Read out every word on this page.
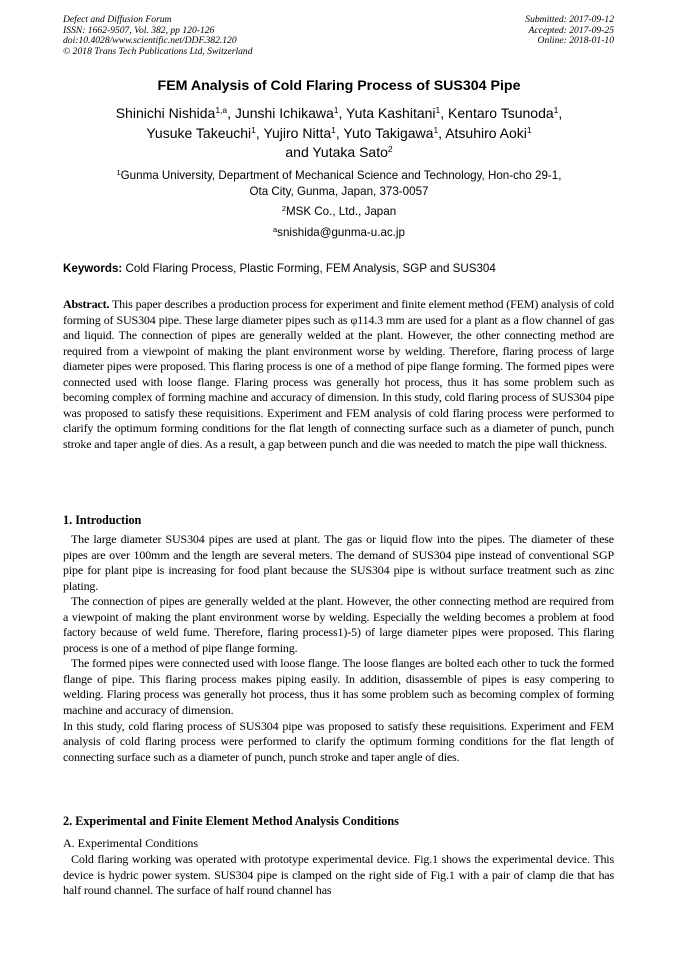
Defect and Diffusion Forum
ISSN: 1662-9507, Vol. 382, pp 120-126
doi:10.4028/www.scientific.net/DDF.382.120
© 2018 Trans Tech Publications Ltd, Switzerland
Submitted: 2017-09-12
Accepted: 2017-09-25
Online: 2018-01-10
FEM Analysis of Cold Flaring Process of SUS304 Pipe
Shinichi Nishida$^{1,a}$, Junshi Ichikawa$^1$, Yuta Kashitani$^1$, Kentaro Tsunoda$^1$,
Yusuke Takeuchi$^1$, Yujiro Nitta$^1$, Yuto Takigawa$^1$, Atsuhiro Aoki$^1$
and Yutaka Sato$^2$
$^1$Gunma University, Department of Mechanical Science and Technology, Hon-cho 29-1,
Ota City, Gunma, Japan, 373-0057
$^2$MSK Co., Ltd., Japan
$^a$snishida@gunma-u.ac.jp
Keywords: Cold Flaring Process, Plastic Forming, FEM Analysis, SGP and SUS304

Abstract. This paper describes a production process for experiment and finite element method (FEM) analysis of cold forming of SUS304 pipe. These large diameter pipes such as φ114.3 mm are used for a plant as a flow channel of gas and liquid. The connection of pipes are generally welded at the plant. However, the other connecting method are required from a viewpoint of making the plant environment worse by welding. Therefore, flaring process of large diameter pipes were proposed. This flaring process is one of a method of pipe flange forming. The formed pipes were connected used with loose flange. Flaring process was generally hot process, thus it has some problem such as becoming complex of forming machine and accuracy of dimension. In this study, cold flaring process of SUS304 pipe was proposed to satisfy these requisitions. Experiment and FEM analysis of cold flaring process were performed to clarify the optimum forming conditions for the flat length of connecting surface such as a diameter of punch, punch stroke and taper angle of dies. As a result, a gap between punch and die was needed to match the pipe wall thickness.

1. Introduction

The large diameter SUS304 pipes are used at plant. The gas or liquid flow into the pipes. The diameter of these pipes are over 100mm and the length are several meters. The demand of SUS304 pipe instead of conventional SGP pipe for plant pipe is increasing for food plant because the SUS304 pipe is without surface treatment such as zinc plating.

The connection of pipes are generally welded at the plant. However, the other connecting method are required from a viewpoint of making the plant environment worse by welding. Especially the welding becomes a problem at food factory because of weld fume. Therefore, flaring process1)-5) of large diameter pipes were proposed. This flaring process is one of a method of pipe flange forming.

The formed pipes were connected used with loose flange. The loose flanges are bolted each other to tuck the formed flange of pipe. This flaring process makes piping easily. In addition, disassemble of pipes is easy compering to welding. Flaring process was generally hot process, thus it has some problem such as becoming complex of forming machine and accuracy of dimension.

In this study, cold flaring process of SUS304 pipe was proposed to satisfy these requisitions. Experiment and FEM analysis of cold flaring process were performed to clarify the optimum forming conditions for the flat length of connecting surface such as a diameter of punch, punch stroke and taper angle of dies.

2. Experimental and Finite Element Method Analysis Conditions
A. Experimental Conditions

Cold flaring working was operated with prototype experimental device. Fig.1 shows the experimental device. This device is hydric power system. SUS304 pipe is clamped on the right side of Fig.1 with a pair of clamp die that has half round channel. The surface of half round channel has
